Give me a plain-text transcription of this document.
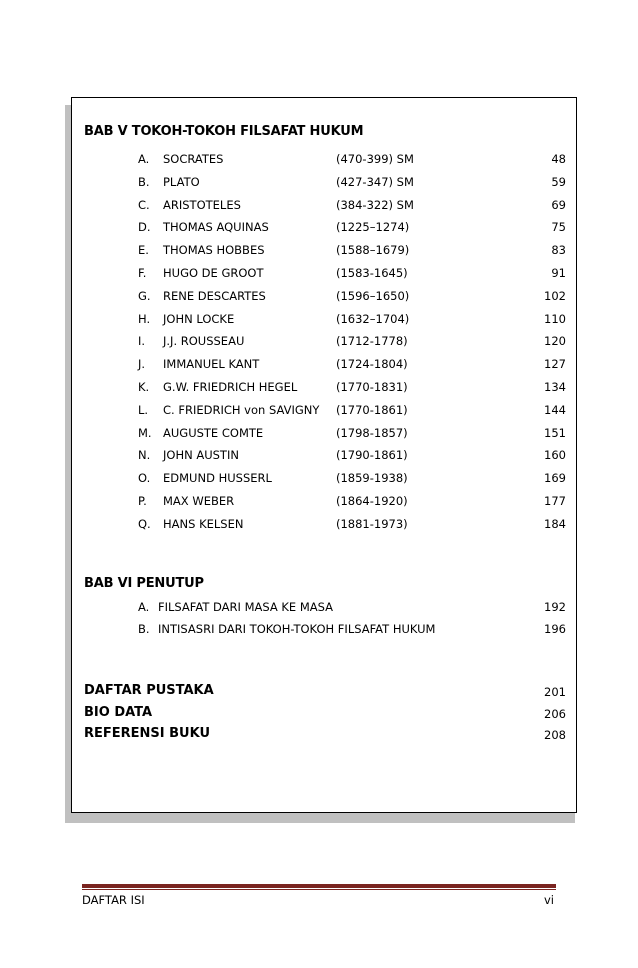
BAB V TOKOH-TOKOH FILSAFAT HUKUM
A. SOCRATES	(470-399) SM	48
B. PLATO	(427-347) SM	59
C. ARISTOTELES	(384-322) SM	69
D. THOMAS AQUINAS	(1225–1274)	75
E. THOMAS HOBBES	(1588–1679)	83
F. HUGO DE GROOT	(1583-1645)	91
G. RENE DESCARTES	(1596–1650)	102
H. JOHN LOCKE	(1632–1704)	110
I. J.J. ROUSSEAU	(1712-1778)	120
J. IMMANUEL KANT	(1724-1804)	127
K. G.W. FRIEDRICH HEGEL	(1770-1831)	134
L. C. FRIEDRICH von SAVIGNY (1770-1861)	144
M. AUGUSTE COMTE	(1798-1857)	151
N. JOHN AUSTIN	(1790-1861)	160
O. EDMUND HUSSERL	(1859-1938)	169
P. MAX WEBER	(1864-1920)	177
Q. HANS KELSEN	(1881-1973)	184
BAB VI PENUTUP
A. FILSAFAT DARI MASA KE MASA	192
B. INTISASRI DARI TOKOH-TOKOH FILSAFAT HUKUM	196
DAFTAR PUSTAKA	201
BIO DATA	206
REFERENSI BUKU	208
DAFTAR ISI	vi
